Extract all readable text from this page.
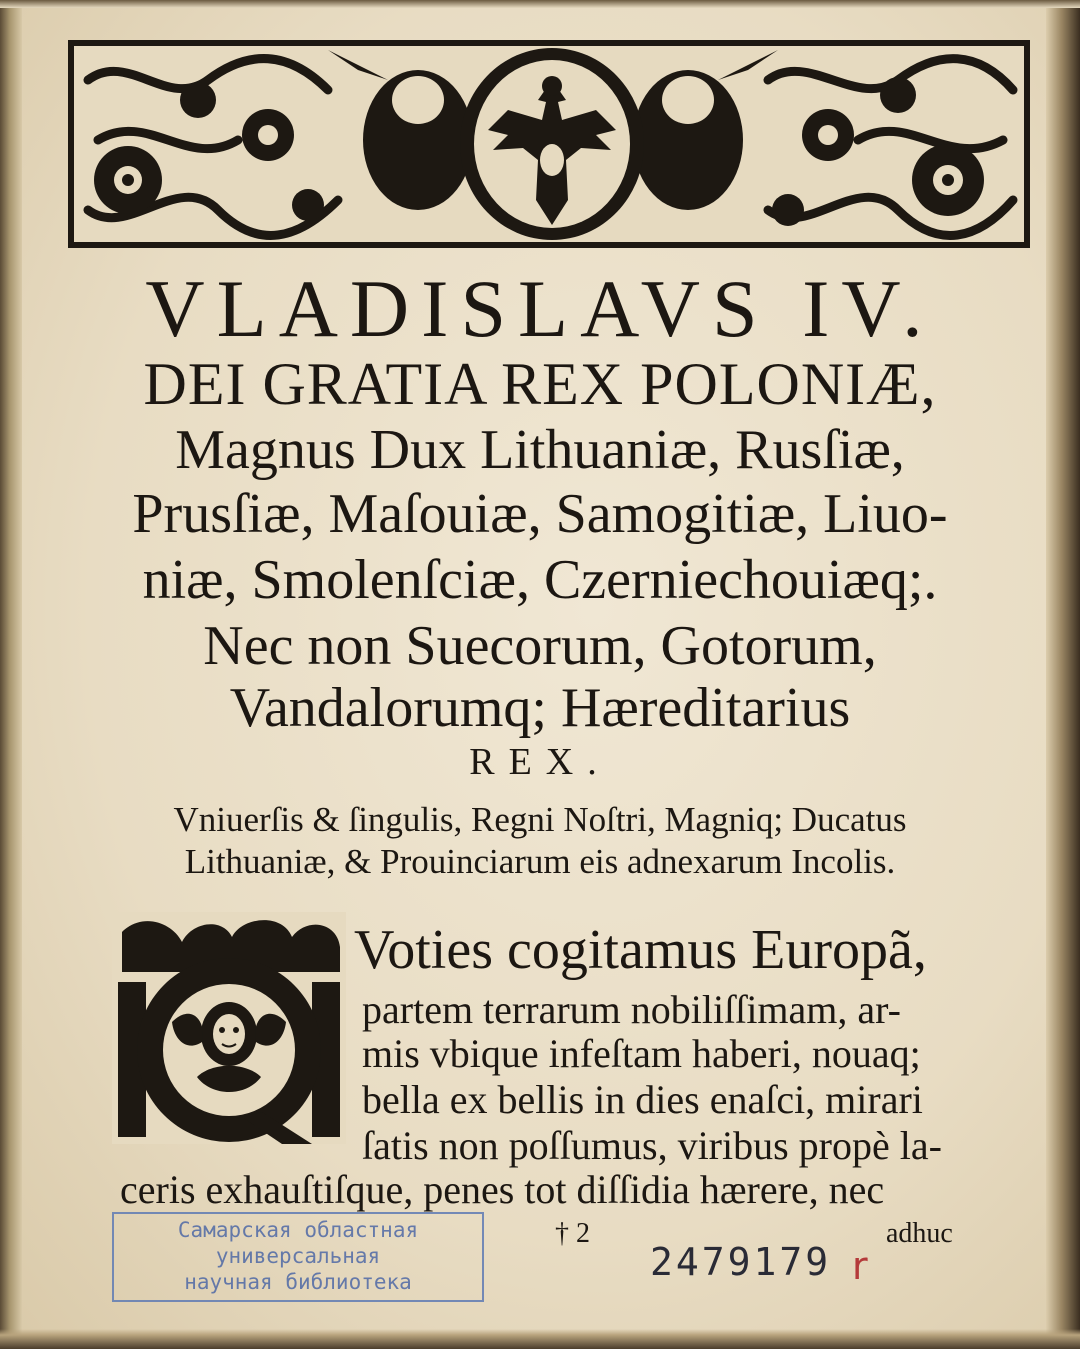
VLADISLAVS IV.
DEI GRATIA REX POLONIÆ,
Magnus Dux Lithuaniæ, Rusſiæ,
Prusſiæ, Maſouiæ, Samogitiæ, Liuo-
niæ, Smolenſciæ, Czerniechouiæq;.
Nec non Suecorum, Gotorum,
Vandalorumq; Hæreditarius
REX.
Vniuerſis & ſingulis, Regni Noſtri, Magniq; Ducatus
Lithuaniæ, & Prouinciarum eis adnexarum Incolis.
Voties cogitamus Europã,
partem terrarum nobiliſſimam, ar-
mis vbique infeſtam haberi, nouaq;
bella ex bellis in dies enaſci, mirari
ſatis non poſſumus, viribus propè la-
ceris exhauſtiſque, penes tot diſſidia hærere, nec
Самарская областная
универсальная
научная библиотека
† 2	adhuc
2479179 r
